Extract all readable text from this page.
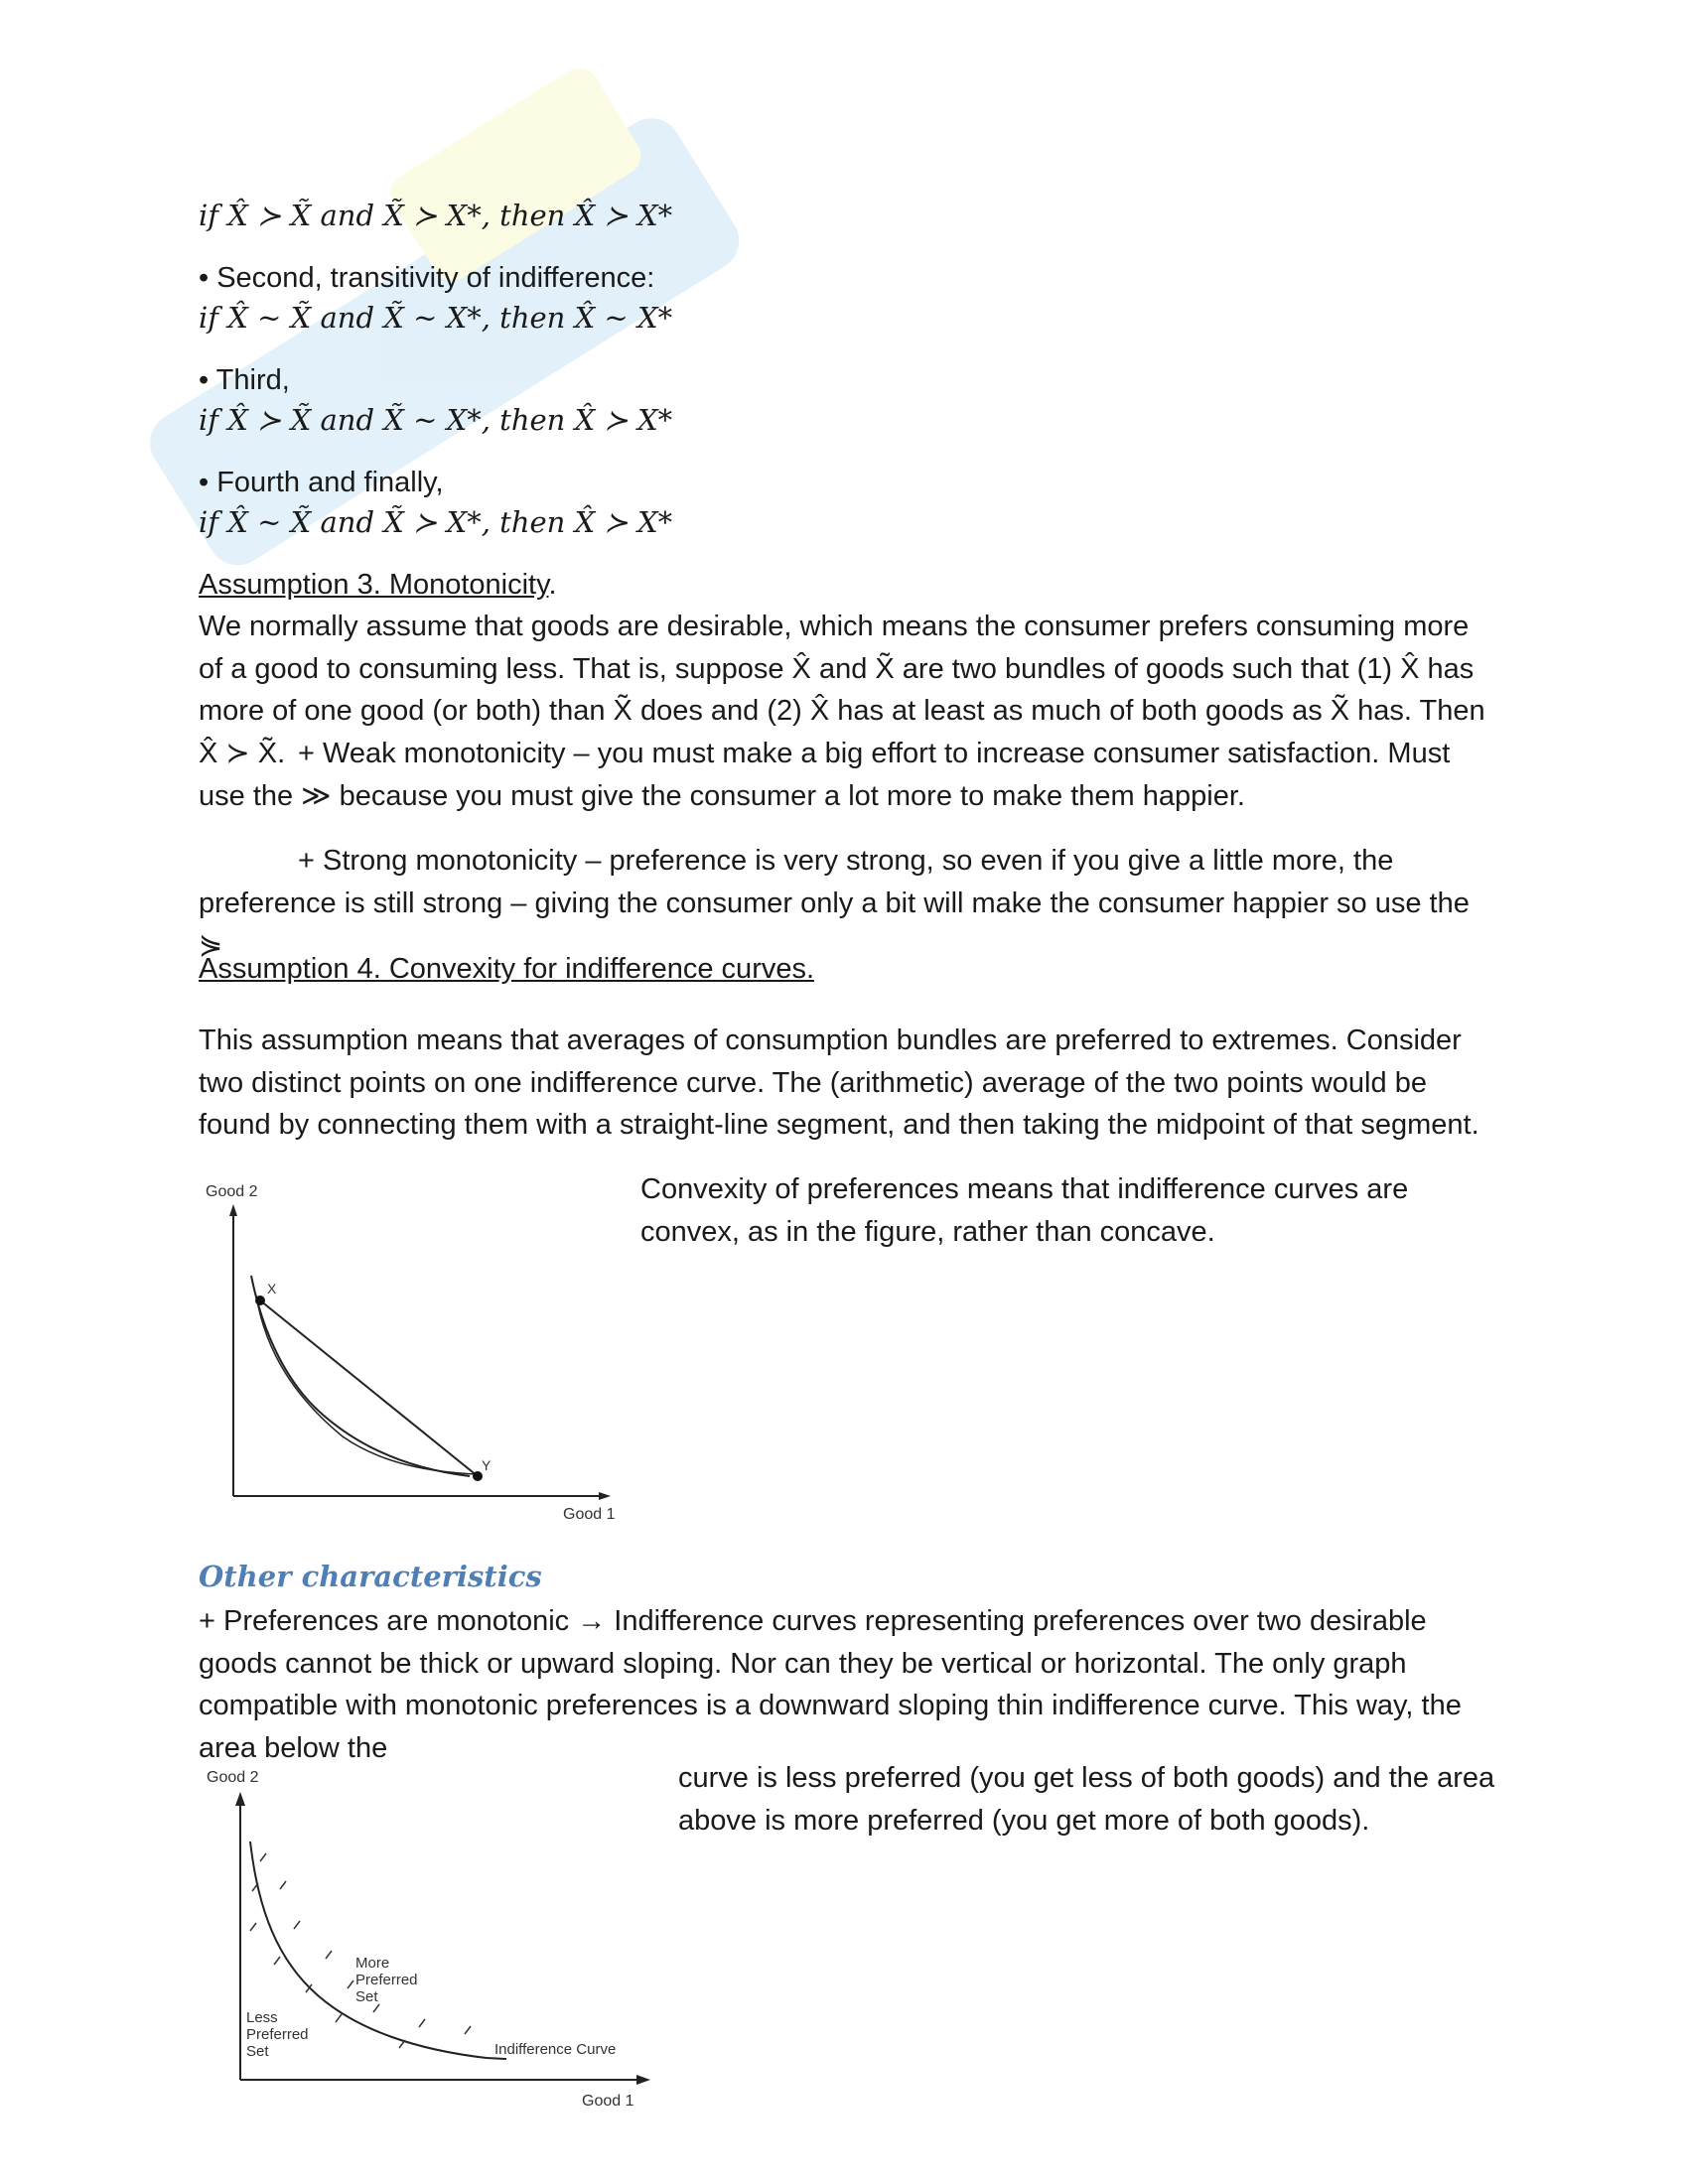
if X̂ ≻ X̃ and X̃ ≻ X*, then X̂ ≻ X*
• Second, transitivity of indifference:
if X̂ ~ X̃ and X̃ ~ X*, then X̂ ~ X*
• Third,
if X̂ ≻ X̃ and X̃ ~ X*, then X̂ ≻ X*
• Fourth and finally,
if X̂ ~ X̃ and X̃ ≻ X*, then X̂ ≻ X*
Assumption 3. Monotonicity.
We normally assume that goods are desirable, which means the consumer prefers consuming more of a good to consuming less. That is, suppose X̂ and X̃ are two bundles of goods such that (1) X̂ has more of one good (or both) than X̃ does and (2) X̂ has at least as much of both goods as X̃ has. Then X̂ ≻ X̃. + Weak monotonicity – you must make a big effort to increase consumer satisfaction. Must use the ≫ because you must give the consumer a lot more to make them happier.
+ Strong monotonicity – preference is very strong, so even if you give a little more, the preference is still strong – giving the consumer only a bit will make the consumer happier so use the ⋟
Assumption 4. Convexity for indifference curves.
This assumption means that averages of consumption bundles are preferred to extremes. Consider two distinct points on one indifference curve. The (arithmetic) average of the two points would be found by connecting them with a straight-line segment, and then taking the midpoint of that segment.
Good 2
X
Y
Good 1
Convexity of preferences means that indifference curves are convex, as in the figure, rather than concave.
Other characteristics
+ Preferences are monotonic → Indifference curves representing preferences over two desirable goods cannot be thick or upward sloping. Nor can they be vertical or horizontal. The only graph compatible with monotonic preferences is a downward sloping thin indifference curve. This way, the area below the
Good 2
More
Preferred
Set
Less
Preferred
Set	Indifference Curve
Good 1
curve is less preferred (you get less of both goods) and the area above is more preferred (you get more of both goods).
